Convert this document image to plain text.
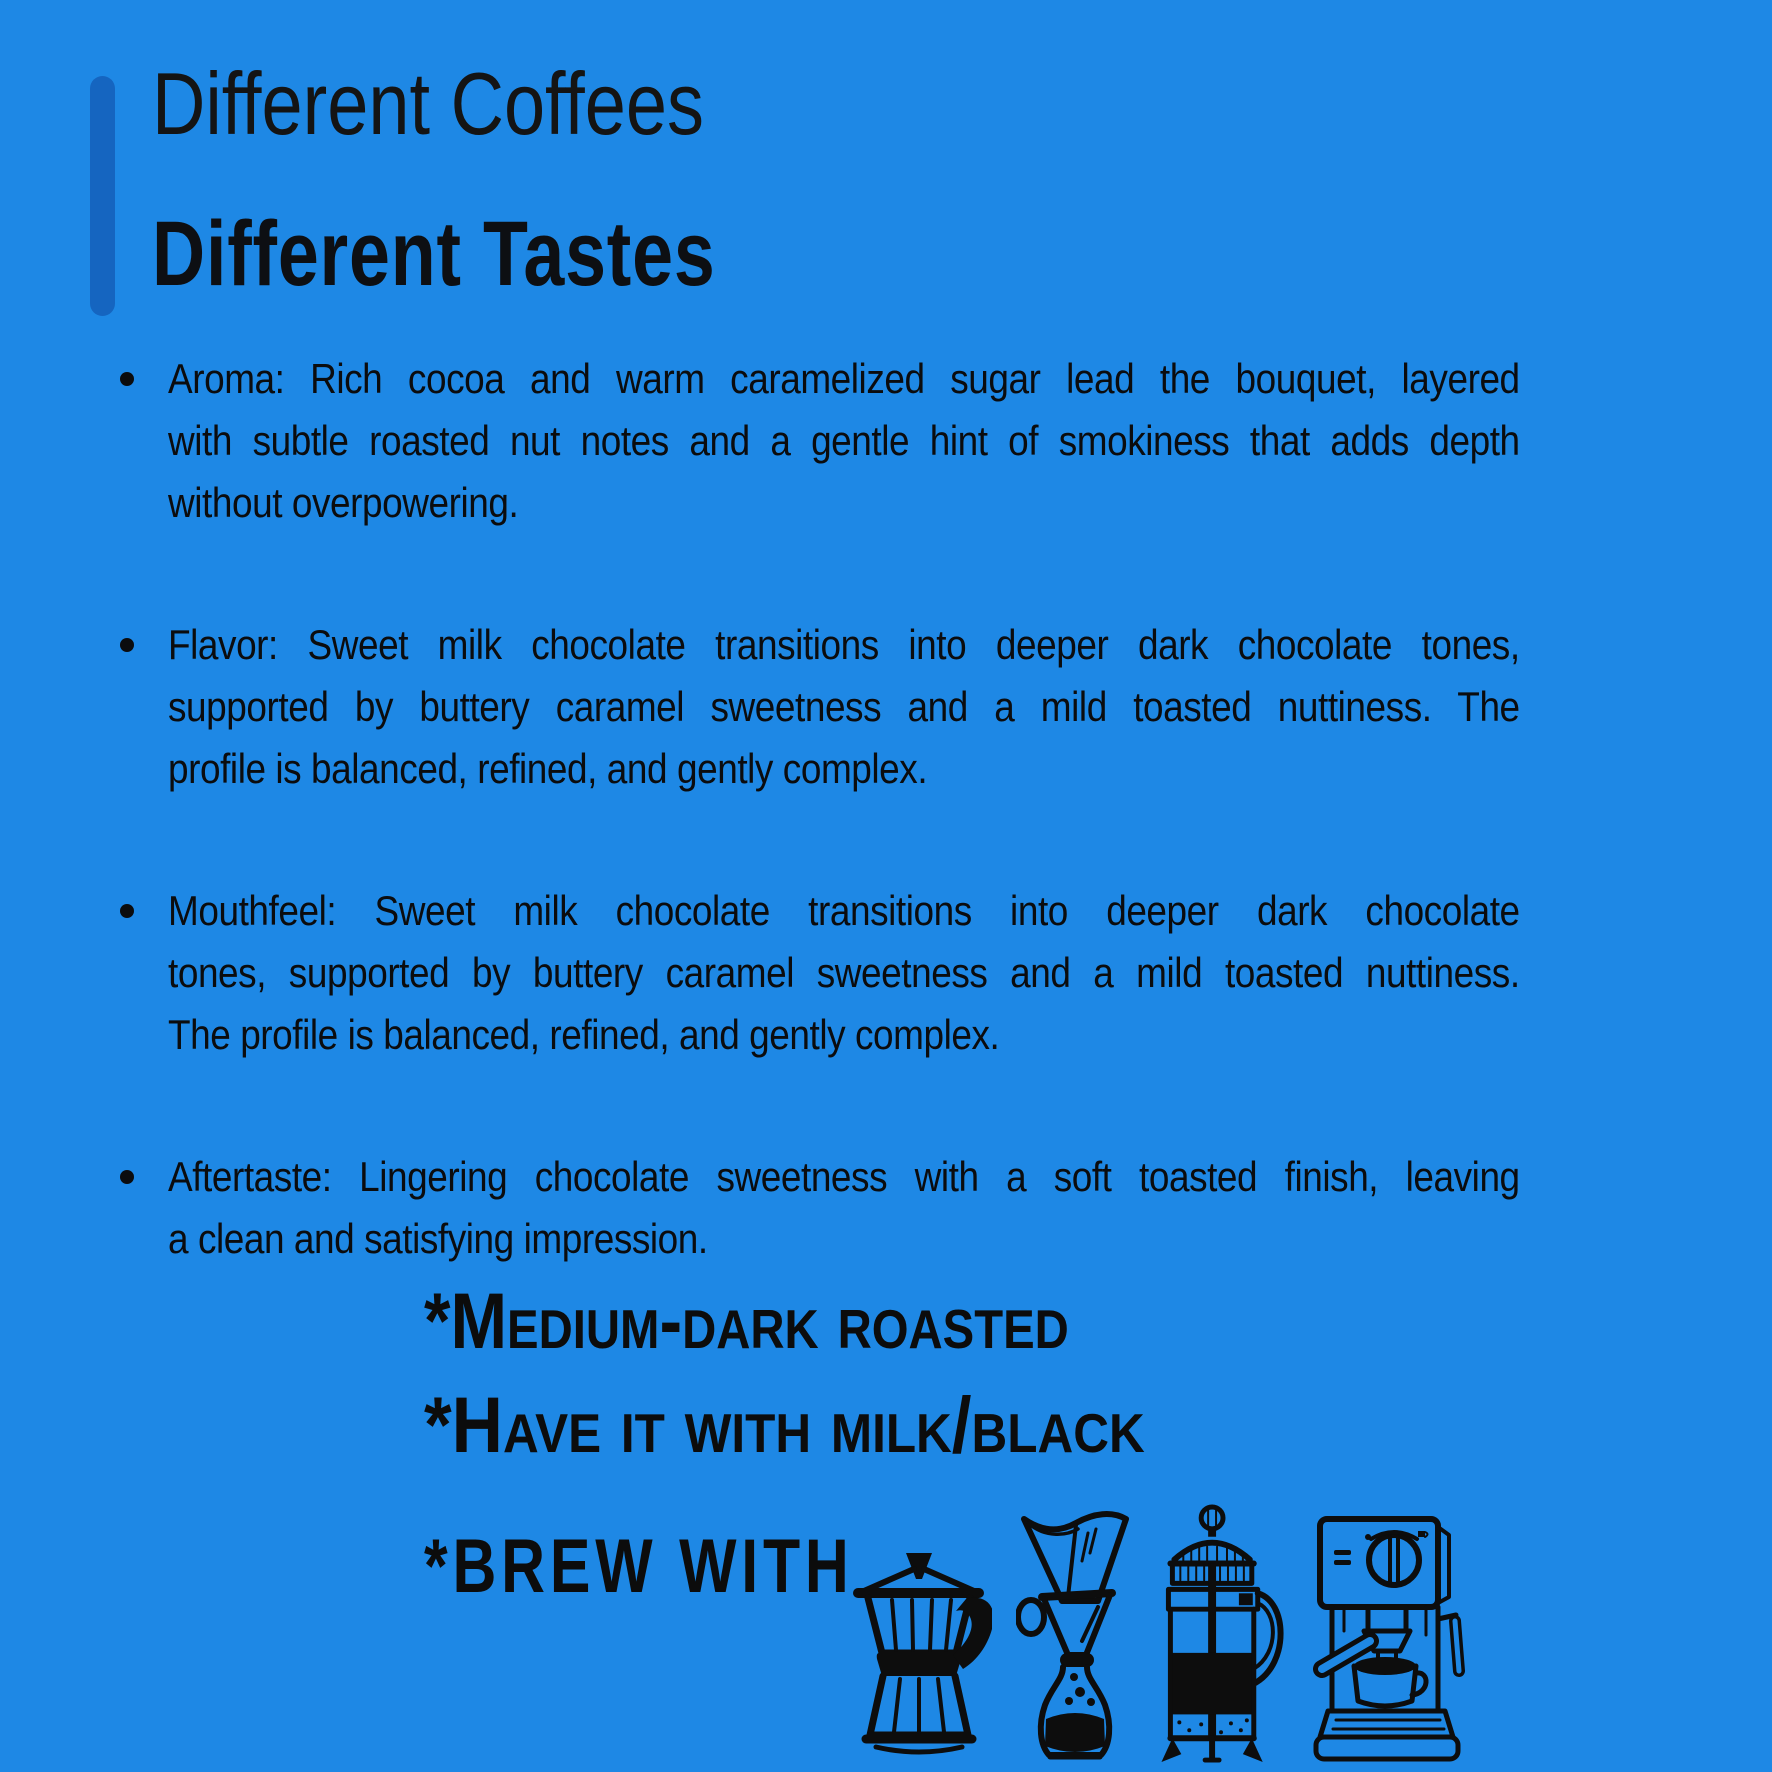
Different Coffees
Different Tastes
Aroma: Rich cocoa and warm caramelized sugar lead the bouquet, layered
with subtle roasted nut notes and a gentle hint of smokiness that adds depth
without overpowering.
Flavor: Sweet milk chocolate transitions into deeper dark chocolate tones,
supported by buttery caramel sweetness and a mild toasted nuttiness. The
profile is balanced, refined, and gently complex.
Mouthfeel: Sweet milk chocolate transitions into deeper dark chocolate
tones, supported by buttery caramel sweetness and a mild toasted nuttiness.
The profile is balanced, refined, and gently complex.
Aftertaste: Lingering chocolate sweetness with a soft toasted finish, leaving
a clean and satisfying impression.
*Medium-dark roasted
*Have it with milk/black
*BREW WITH
